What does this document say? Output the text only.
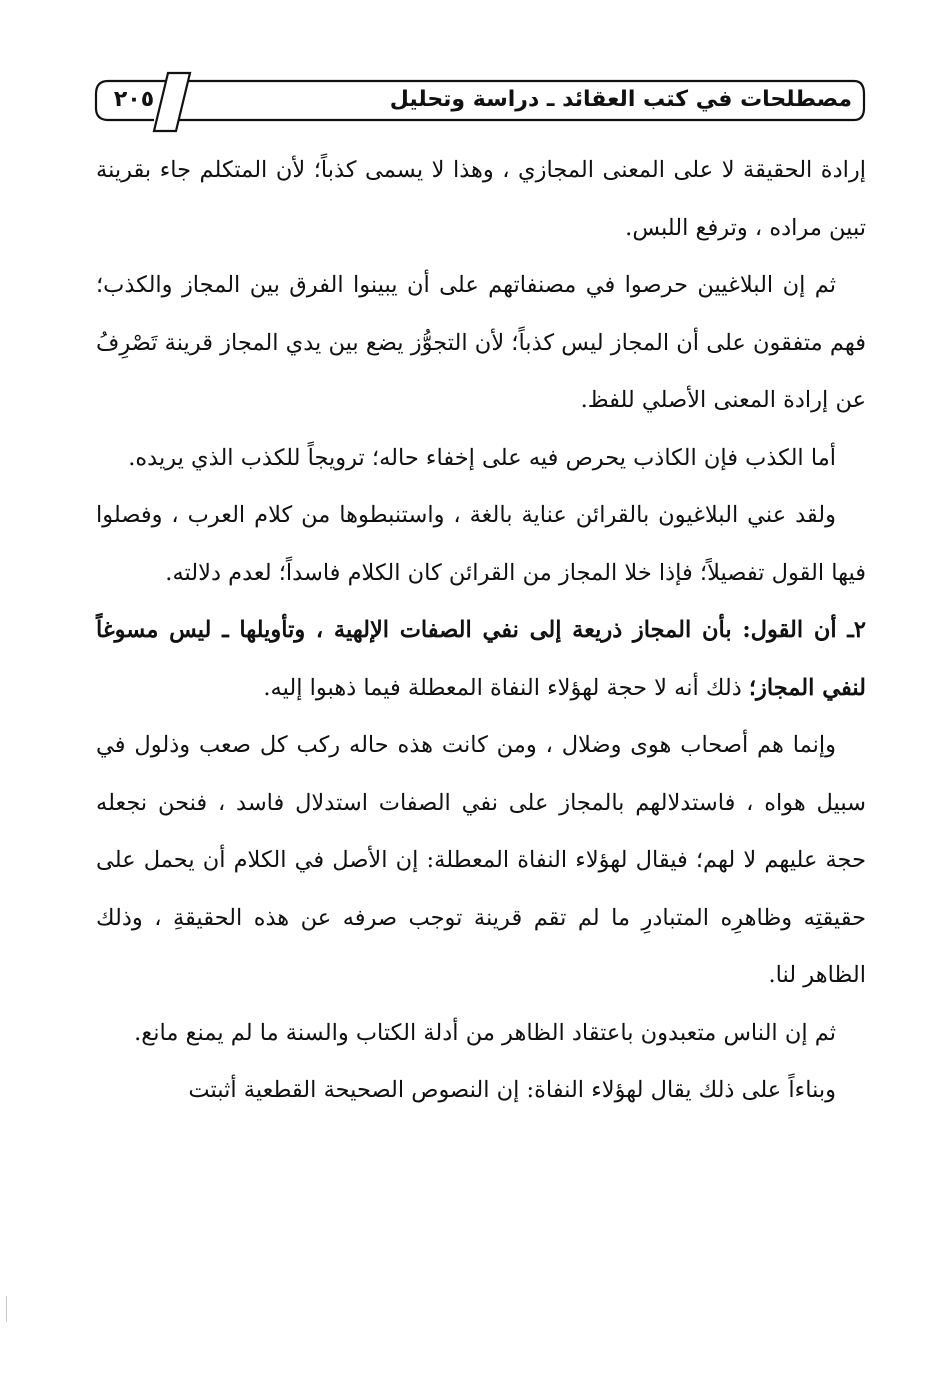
٢٠٥	مصطلحات في كتب العقائد ـ دراسة وتحليل

إرادة الحقيقة لا على المعنى المجازي ، وهذا لا يسمى كذباً؛ لأن المتكلم جاء بقرينة تبين مراده ، وترفع اللبس.

ثم إن البلاغيين حرصوا في مصنفاتهم على أن يبينوا الفرق بين المجاز والكذب؛ فهم متفقون على أن المجاز ليس كذباً؛ لأن التجوُّز يضع بين يدي المجاز قرينة تَصْرِفُ عن إرادة المعنى الأصلي للفظ.

أما الكذب فإن الكاذب يحرص فيه على إخفاء حاله؛ ترويجاً للكذب الذي يريده.

ولقد عني البلاغيون بالقرائن عناية بالغة ، واستنبطوها من كلام العرب ، وفصلوا فيها القول تفصيلاً؛ فإذا خلا المجاز من القرائن كان الكلام فاسداً؛ لعدم دلالته.

٢ـ أن القول: بأن المجاز ذريعة إلى نفي الصفات الإلهية ، وتأويلها ـ ليس مسوغاً لنفي المجاز؛ ذلك أنه لا حجة لهؤلاء النفاة المعطلة فيما ذهبوا إليه.

وإنما هم أصحاب هوى وضلال ، ومن كانت هذه حاله ركب كل صعب وذلول في سبيل هواه ، فاستدلالهم بالمجاز على نفي الصفات استدلال فاسد ، فنحن نجعله حجة عليهم لا لهم؛ فيقال لهؤلاء النفاة المعطلة: إن الأصل في الكلام أن يحمل على حقيقتِه وظاهرِه المتبادرِ ما لم تقم قرينة توجب صرفه عن هذه الحقيقةِ ، وذلك الظاهر لنا.

ثم إن الناس متعبدون باعتقاد الظاهر من أدلة الكتاب والسنة ما لم يمنع مانع.

وبناءاً على ذلك يقال لهؤلاء النفاة: إن النصوص الصحيحة القطعية أثبتت
